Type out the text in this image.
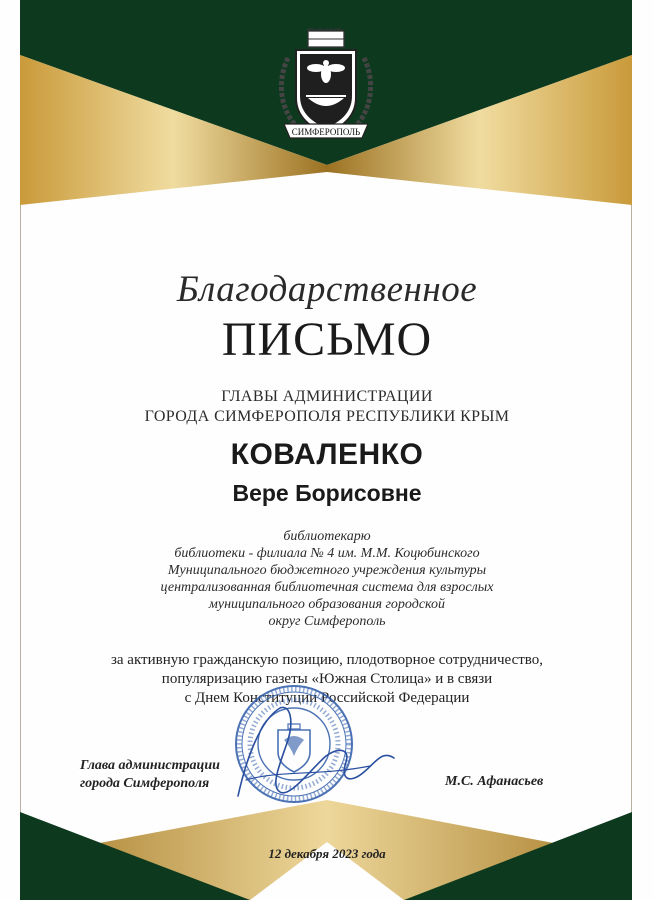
СИМФЕРОПОЛЬ
Благодарственное
ПИСЬМО
ГЛАВЫ АДМИНИСТРАЦИИ
ГОРОДА СИМФЕРОПОЛЯ РЕСПУБЛИКИ КРЫМ
КОВАЛЕНКО
Вере Борисовне
библиотекарю
библиотеки - филиала № 4 им. М.М. Коцюбинского
Муниципального бюджетного учреждения культуры
централизованная библиотечная система для взрослых
муниципального образования городской
округ Симферополь
за активную гражданскую позицию, плодотворное сотрудничество,
популяризацию газеты «Южная Столица» и в связи
с Днем Конституции Российской Федерации
Глава администрации
города Симферополя	М.С. Афанасьев
12 декабря 2023 года
